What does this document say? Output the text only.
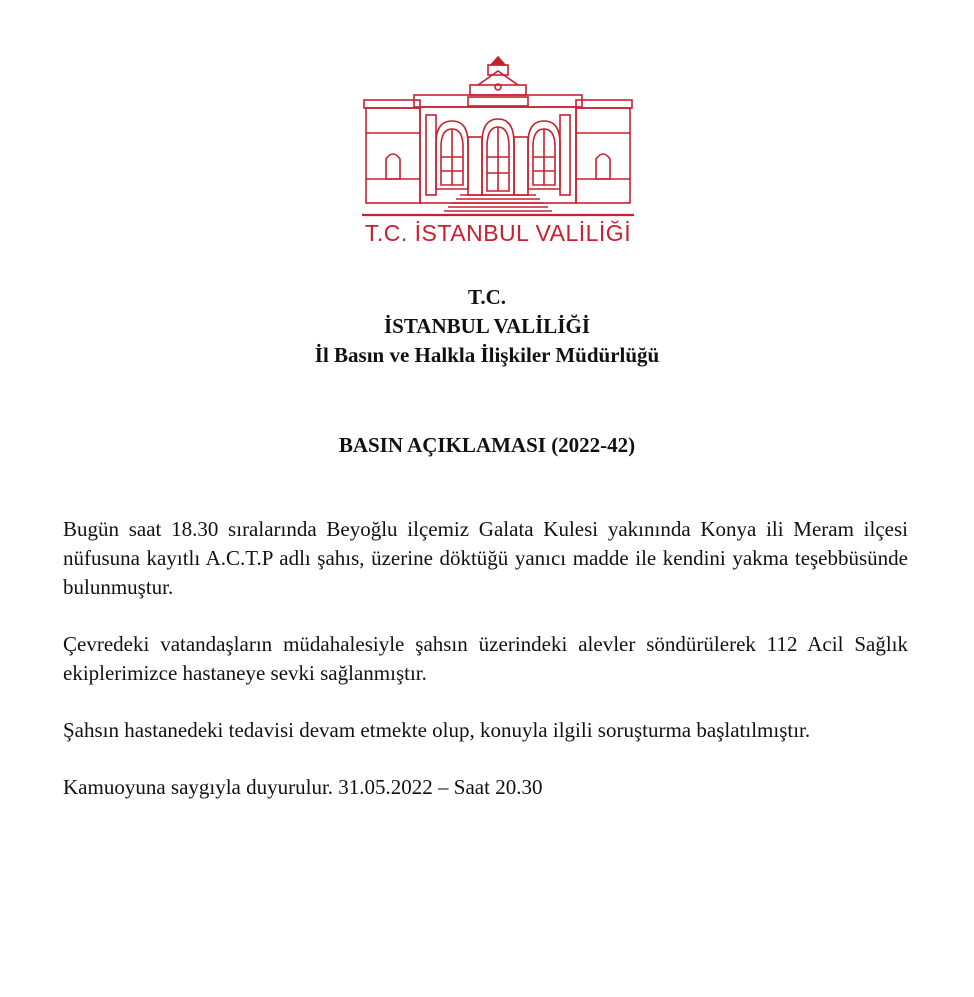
T.C. İSTANBUL VALİLİĞİ
T.C.
İSTANBUL VALİLİĞİ
İl Basın ve Halkla İlişkiler Müdürlüğü
BASIN AÇIKLAMASI (2022-42)

Bugün saat 18.30 sıralarında Beyoğlu ilçemiz Galata Kulesi yakınında Konya ili Meram ilçesi nüfusuna kayıtlı A.C.T.P adlı şahıs, üzerine döktüğü yanıcı madde ile kendini yakma teşebbüsünde bulunmuştur.

Çevredeki vatandaşların müdahalesiyle şahsın üzerindeki alevler söndürülerek 112 Acil Sağlık ekiplerimizce hastaneye sevki sağlanmıştır.

Şahsın hastanedeki tedavisi devam etmekte olup, konuyla ilgili soruşturma başlatılmıştır.

Kamuoyuna saygıyla duyurulur. 31.05.2022 – Saat 20.30
